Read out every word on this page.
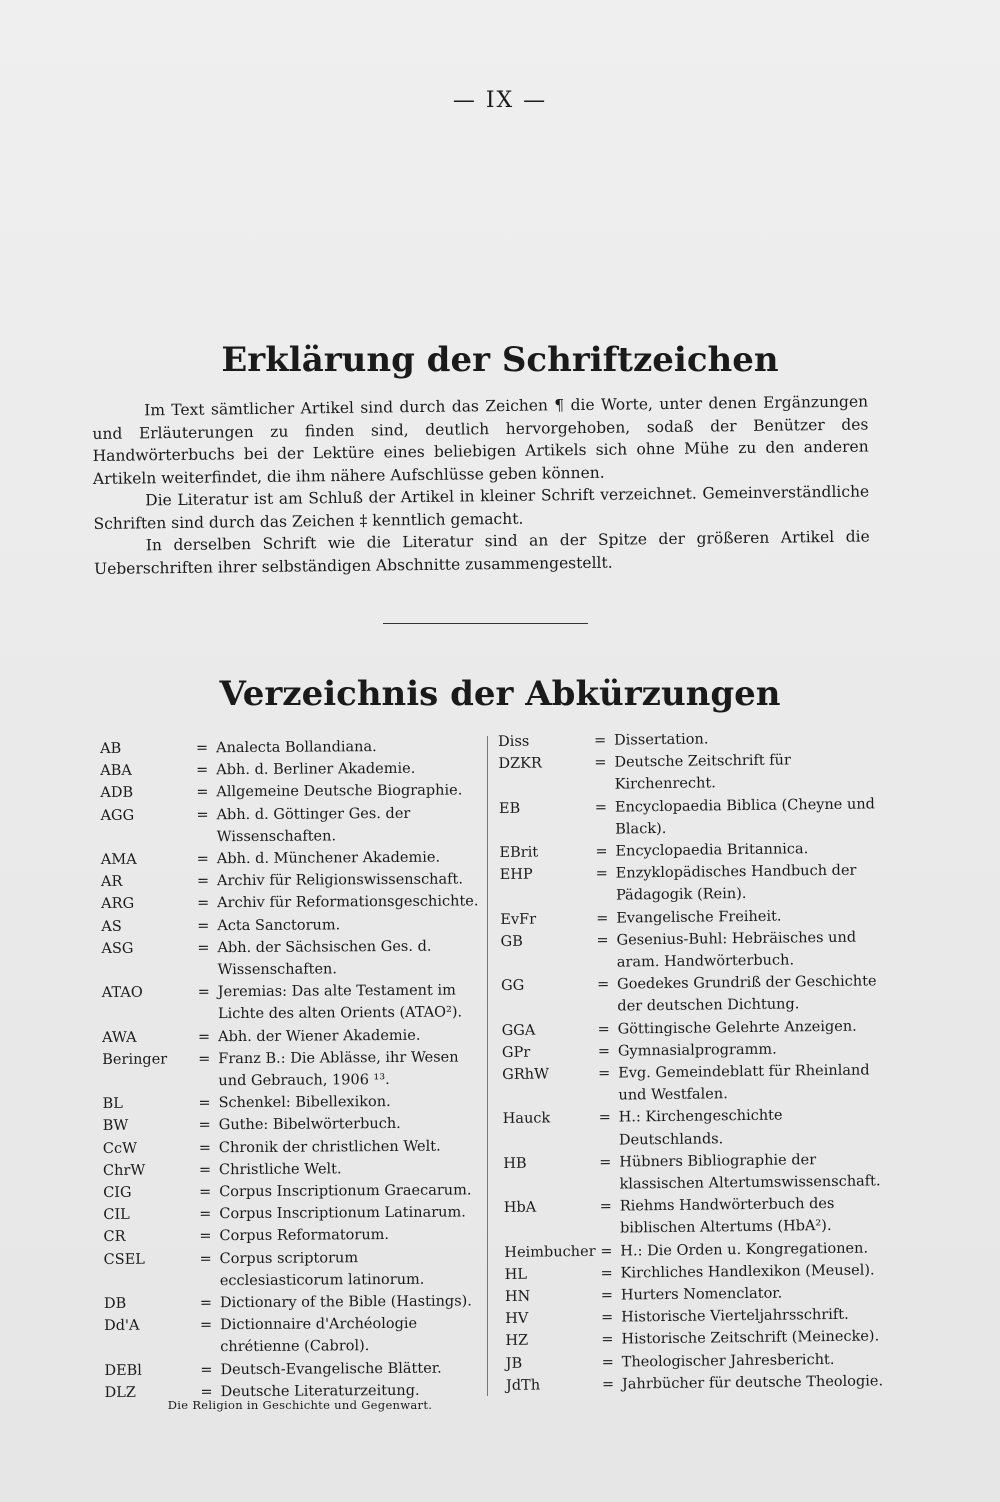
— IX —
Erklärung der Schriftzeichen

Im Text sämtlicher Artikel sind durch das Zeichen ¶ die Worte, unter denen Ergänzungen und Erläuterungen zu finden sind, deutlich hervorgehoben, sodaß der Benützer des Handwörterbuchs bei der Lektüre eines beliebigen Artikels sich ohne Mühe zu den anderen Artikeln weiterfindet, die ihm nähere Aufschlüsse geben können.

Die Literatur ist am Schluß der Artikel in kleiner Schrift verzeichnet. Gemeinverständliche Schriften sind durch das Zeichen ‡ kenntlich gemacht.

In derselben Schrift wie die Literatur sind an der Spitze der größeren Artikel die Ueberschriften ihrer selbständigen Abschnitte zusammengestellt.

Verzeichnis der Abkürzungen
AB	= Analecta Bollandiana.
ABA	= Abh. d. Berliner Akademie.
ADB	= Allgemeine Deutsche Biographie.
AGG	= Abh. d. Göttinger Ges. der Wissenschaften.
AMA	= Abh. d. Münchener Akademie.
AR	= Archiv für Religionswissenschaft.
ARG	= Archiv für Reformationsgeschichte.
AS	= Acta Sanctorum.
ASG	= Abh. der Sächsischen Ges. d. Wissenschaften.
ATAO	= Jeremias: Das alte Testament im Lichte des alten Orients (ATAO²).
AWA	= Abh. der Wiener Akademie.
Beringer	= Franz B.: Die Ablässe, ihr Wesen und Gebrauch, 1906 ¹³.
BL	= Schenkel: Bibellexikon.
BW	= Guthe: Bibelwörterbuch.
CcW	= Chronik der christlichen Welt.
ChrW	= Christliche Welt.
CIG	= Corpus Inscriptionum Graecarum.
CIL	= Corpus Inscriptionum Latinarum.
CR	= Corpus Reformatorum.
CSEL	= Corpus scriptorum ecclesiasticorum latinorum.
DB	= Dictionary of the Bible (Hastings).
Dd'A	= Dictionnaire d'Archéologie chrétienne (Cabrol).
DEBl	= Deutsch-Evangelische Blätter.
DLZ	= Deutsche Literaturzeitung.
Diss	= Dissertation.
DZKR	= Deutsche Zeitschrift für Kirchenrecht.
EB	= Encyclopaedia Biblica (Cheyne und Black).
EBrit	= Encyclopaedia Britannica.
EHP	= Enzyklopädisches Handbuch der Pädagogik (Rein).
EvFr	= Evangelische Freiheit.
GB	= Gesenius-Buhl: Hebräisches und aram. Handwörterbuch.
GG	= Goedekes Grundriß der Geschichte der deutschen Dichtung.
GGA	= Göttingische Gelehrte Anzeigen.
GPr	= Gymnasialprogramm.
GRhW	= Evg. Gemeindeblatt für Rheinland und Westfalen.
Hauck	= H.: Kirchengeschichte Deutschlands.
HB	= Hübners Bibliographie der klassischen Altertumswissenschaft.
HbA	= Riehms Handwörterbuch des biblischen Altertums (HbA²).
Heimbucher = H.: Die Orden u. Kongregationen.
HL	= Kirchliches Handlexikon (Meusel).
HN	= Hurters Nomenclator.
HV	= Historische Vierteljahrsschrift.
HZ	= Historische Zeitschrift (Meinecke).
JB	= Theologischer Jahresbericht.
JdTh	= Jahrbücher für deutsche Theologie.
Die Religion in Geschichte und Gegenwart.
